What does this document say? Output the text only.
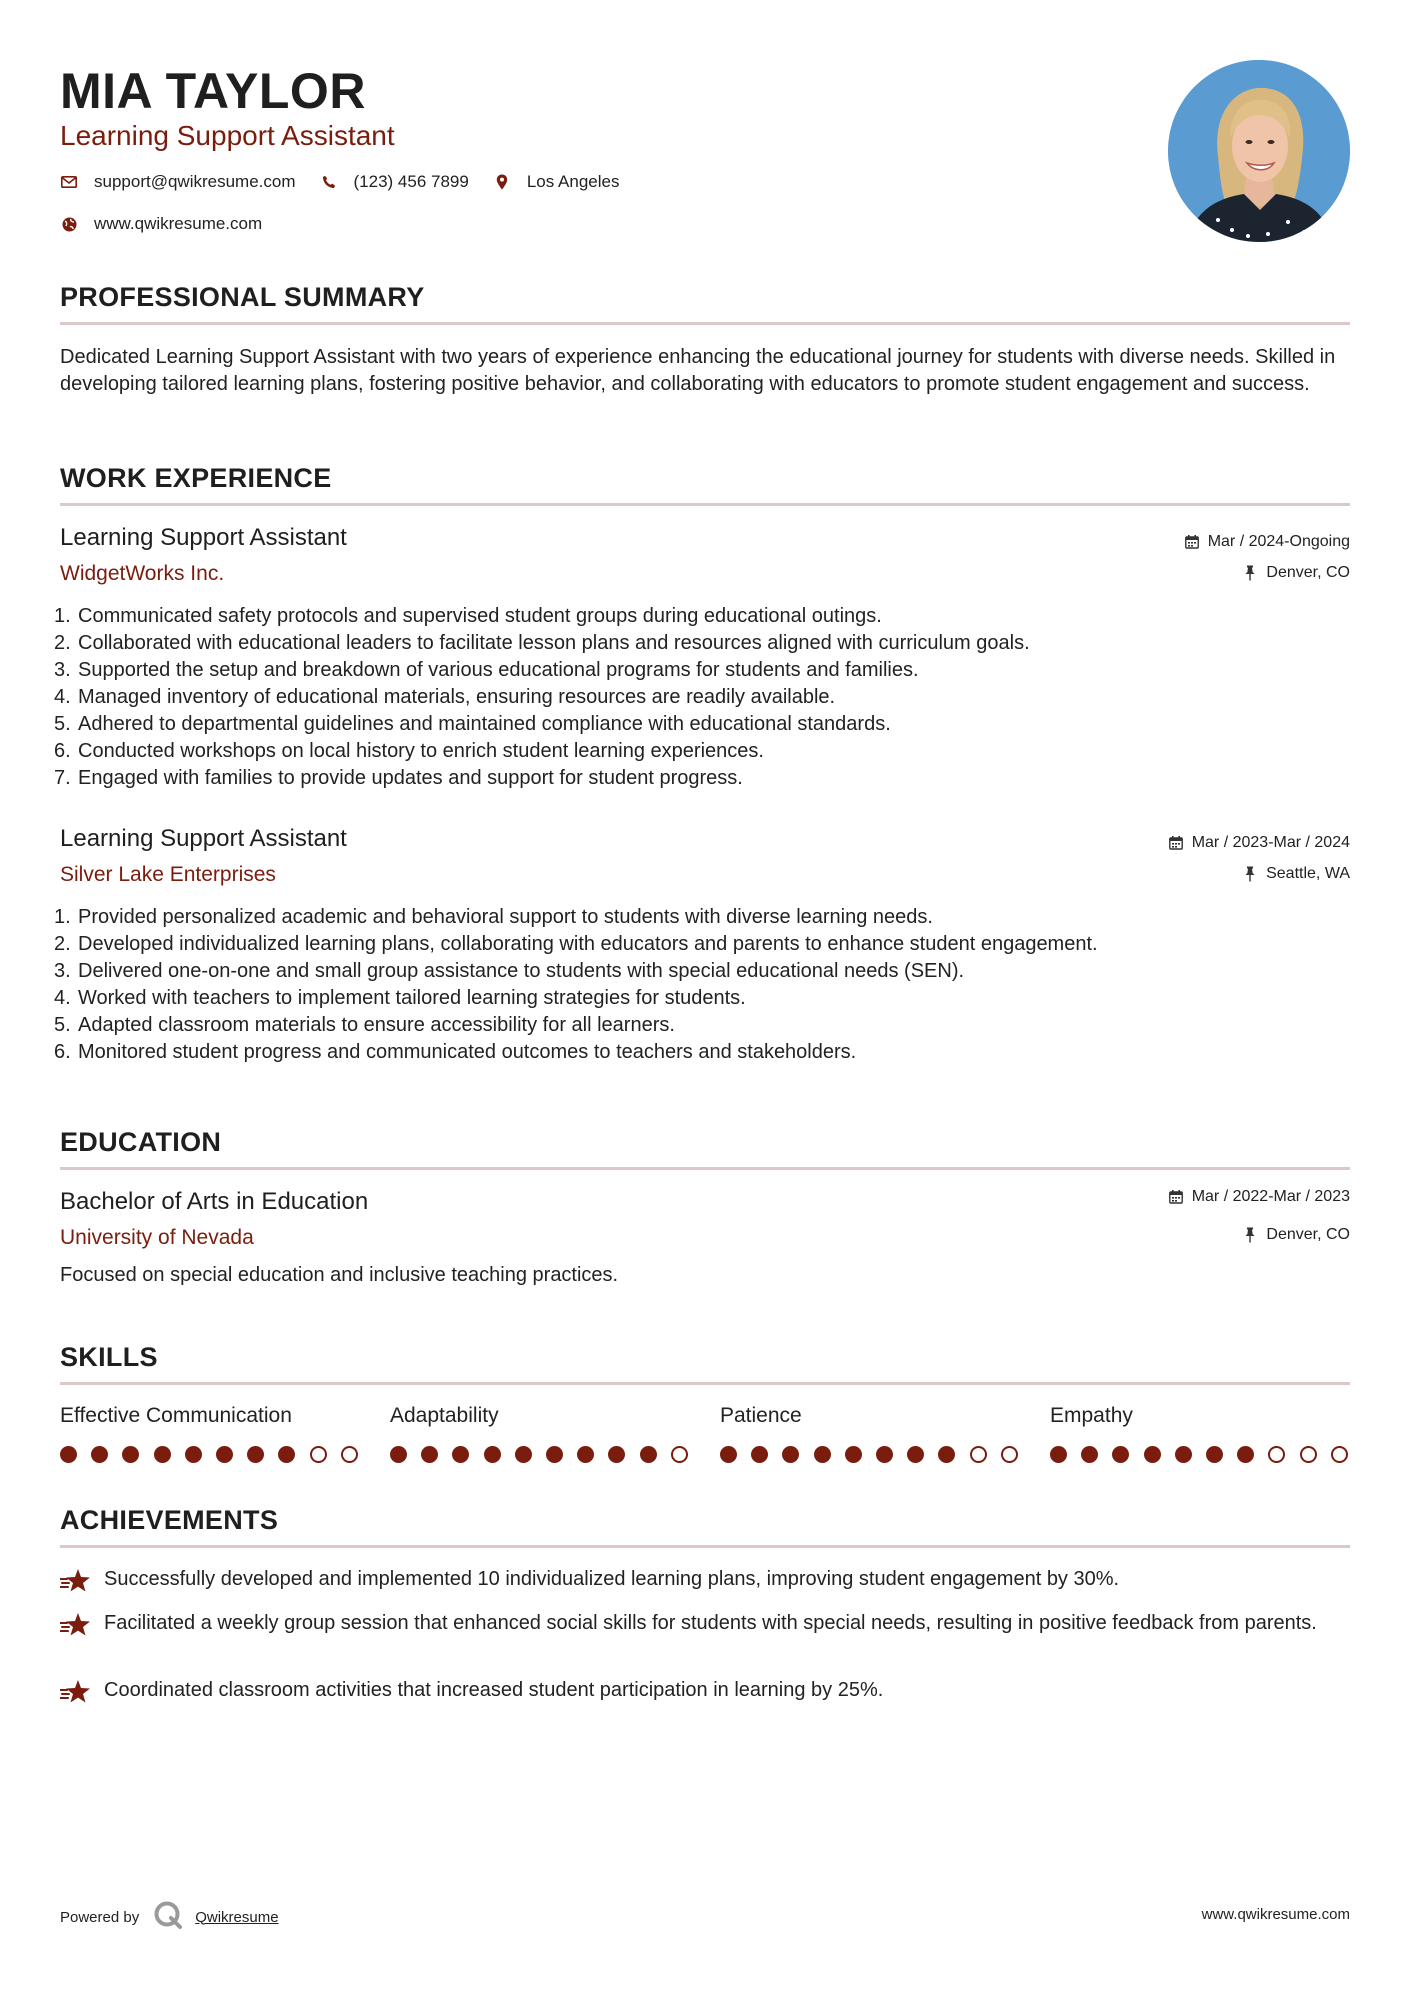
MIA TAYLOR
Learning Support Assistant
support@qwikresume.com	(123) 456 7899	Los Angeles
www.qwikresume.com
PROFESSIONAL SUMMARY
Dedicated Learning Support Assistant with two years of experience enhancing the educational journey for students with diverse needs. Skilled in developing tailored learning plans, fostering positive behavior, and collaborating with educators to promote student engagement and success.
WORK EXPERIENCE
Learning Support Assistant
WidgetWorks Inc.
Mar / 2024-Ongoing
Denver, CO
1. Communicated safety protocols and supervised student groups during educational outings.
2. Collaborated with educational leaders to facilitate lesson plans and resources aligned with curriculum goals.
3. Supported the setup and breakdown of various educational programs for students and families.
4. Managed inventory of educational materials, ensuring resources are readily available.
5. Adhered to departmental guidelines and maintained compliance with educational standards.
6. Conducted workshops on local history to enrich student learning experiences.
7. Engaged with families to provide updates and support for student progress.
Learning Support Assistant
Silver Lake Enterprises
Mar / 2023-Mar / 2024
Seattle, WA
1. Provided personalized academic and behavioral support to students with diverse learning needs.
2. Developed individualized learning plans, collaborating with educators and parents to enhance student engagement.
3. Delivered one-on-one and small group assistance to students with special educational needs (SEN).
4. Worked with teachers to implement tailored learning strategies for students.
5. Adapted classroom materials to ensure accessibility for all learners.
6. Monitored student progress and communicated outcomes to teachers and stakeholders.
EDUCATION
Bachelor of Arts in Education
University of Nevada
Mar / 2022-Mar / 2023
Denver, CO
Focused on special education and inclusive teaching practices.
SKILLS
Effective Communication	Adaptability	Patience	Empathy
ACHIEVEMENTS
Successfully developed and implemented 10 individualized learning plans, improving student engagement by 30%.
Facilitated a weekly group session that enhanced social skills for students with special needs, resulting in positive feedback from parents.
Coordinated classroom activities that increased student participation in learning by 25%.
Powered by	Qwikresume	www.qwikresume.com
